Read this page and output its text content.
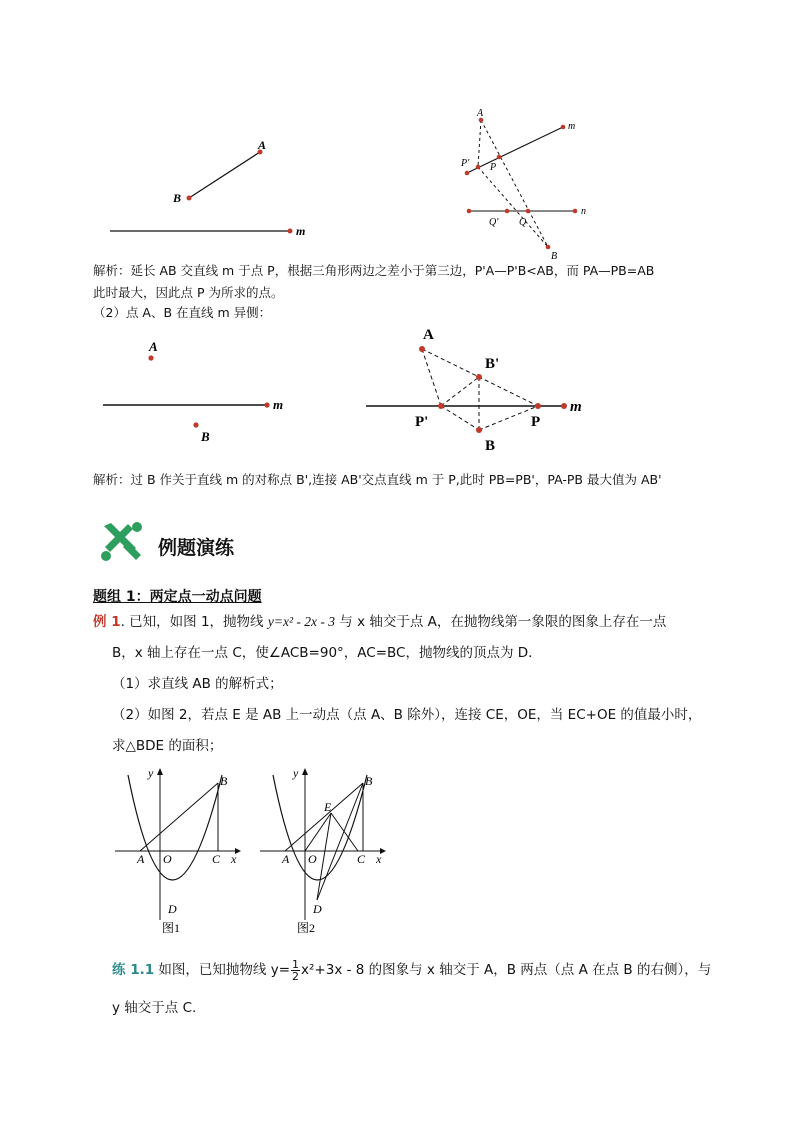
A
B
m
A
m
P' P
n
Q' Q
B
解析：延长 AB 交直线 m 于点 P，根据三角形两边之差小于第三边，P'A—P'B<AB，而 PA—PB=AB
此时最大，因此点 P 为所求的点。
（2）点 A、B 在直线 m 异侧：
A
m
B
A
B'
P'	P
m
B
解析：过 B 作关于直线 m 的对称点 B',连接 AB'交点直线 m 于 P,此时 PB=PB'，PA-PB 最大值为 AB'
例题演练
题组 1：两定点一动点问题
例 1. 已知，如图 1，抛物线 y=x² - 2x - 3 与 x 轴交于点 A，在抛物线第一象限的图象上存在一点
B，x 轴上存在一点 C，使∠ACB=90°，AC=BC，抛物线的顶点为 D．
（1）求直线 AB 的解析式；
（2）如图 2，若点 E 是 AB 上一动点（点 A、B 除外），连接 CE，OE，当 EC+OE 的值最小时，
求△BDE 的面积；
y
B
A O	C x
D
图1
y
B
E
A O	C x
D
图2
练 1.1 如图，已知抛物线 $y= \frac{1}{2} x^2+3x - 8$ 的图象与 x 轴交于 A，B 两点（点 A 在点 B 的右侧），与
y 轴交于点 C.
